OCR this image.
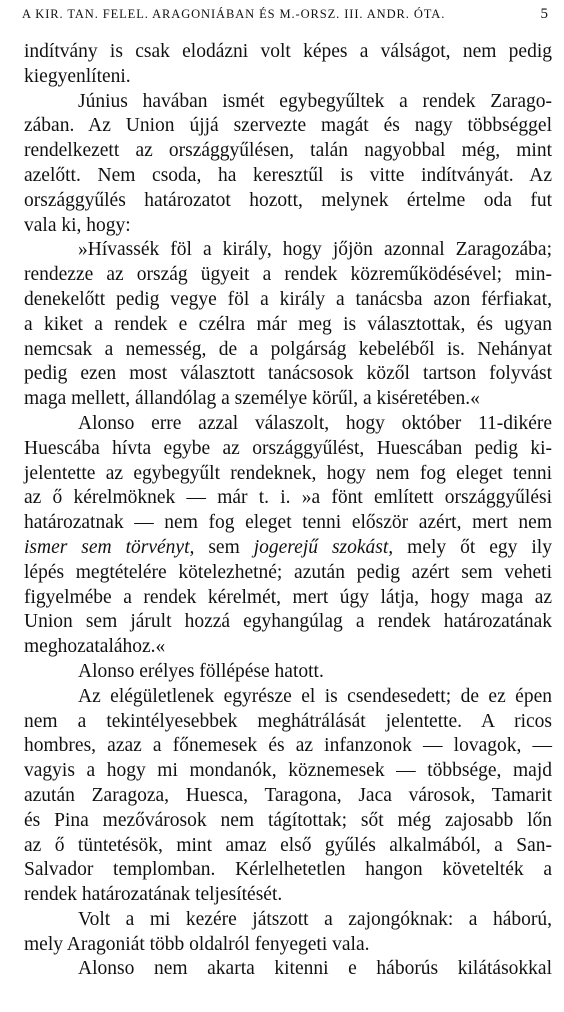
A KIR. TAN. FELEL. ARAGONIÁBAN ÉS M.-ORSZ. III. ANDR. ÓTA.	5
indítvány is csak elodázni volt képes a válságot, nem pedig
kiegyenlíteni.
Június havában ismét egybegyűltek a rendek Zarago-
zában. Az Union újjá szervezte magát és nagy többséggel
rendelkezett az országgyűlésen, talán nagyobbal még, mint
azelőtt. Nem csoda, ha keresztűl is vitte indítványát. Az
országgyűlés határozatot hozott, melynek értelme oda fut
vala ki, hogy:
»Hívassék föl a király, hogy jőjön azonnal Zaragozába;
rendezze az ország ügyeit a rendek közreműködésével; min-
denekelőtt pedig vegye föl a király a tanácsba azon férfiakat,
a kiket a rendek e czélra már meg is választottak, és ugyan
nemcsak a nemesség, de a polgárság kebeléből is. Nehányat
pedig ezen most választott tanácsosok közől tartson folyvást
maga mellett, állandólag a személye körűl, a kiséretében.«
Alonso erre azzal válaszolt, hogy október 11-dikére
Huescába hívta egybe az országgyűlést, Huescában pedig ki-
jelentette az egybegyűlt rendeknek, hogy nem fog eleget tenni
az ő kérelmöknek — már t. i. »a fönt említett országgyűlési
határozatnak — nem fog eleget tenni először azért, mert nem
ismer sem törvényt, sem jogerejű szokást, mely őt egy ily
lépés megtételére kötelezhetné; azután pedig azért sem veheti
figyelmébe a rendek kérelmét, mert úgy látja, hogy maga az
Union sem járult hozzá egyhangúlag a rendek határozatának
meghozatalához.«
Alonso erélyes föllépése hatott.
Az elégületlenek egyrésze el is csendesedett; de ez épen
nem a tekintélyesebbek meghátrálását jelentette. A ricos
hombres, azaz a főnemesek és az infanzonok — lovagok, —
vagyis a hogy mi mondanók, köznemesek — többsége, majd
azután Zaragoza, Huesca, Taragona, Jaca városok, Tamarit
és Pina mezővárosok nem tágítottak; sőt még zajosabb lőn
az ő tüntetésök, mint amaz első gyűlés alkalmából, a San-
Salvador templomban. Kérlelhetetlen hangon követelték a
rendek határozatának teljesítését.
Volt a mi kezére játszott a zajongóknak: a háború,
mely Aragoniát több oldalról fenyegeti vala.
Alonso nem akarta kitenni e háborús kilátásokkal
